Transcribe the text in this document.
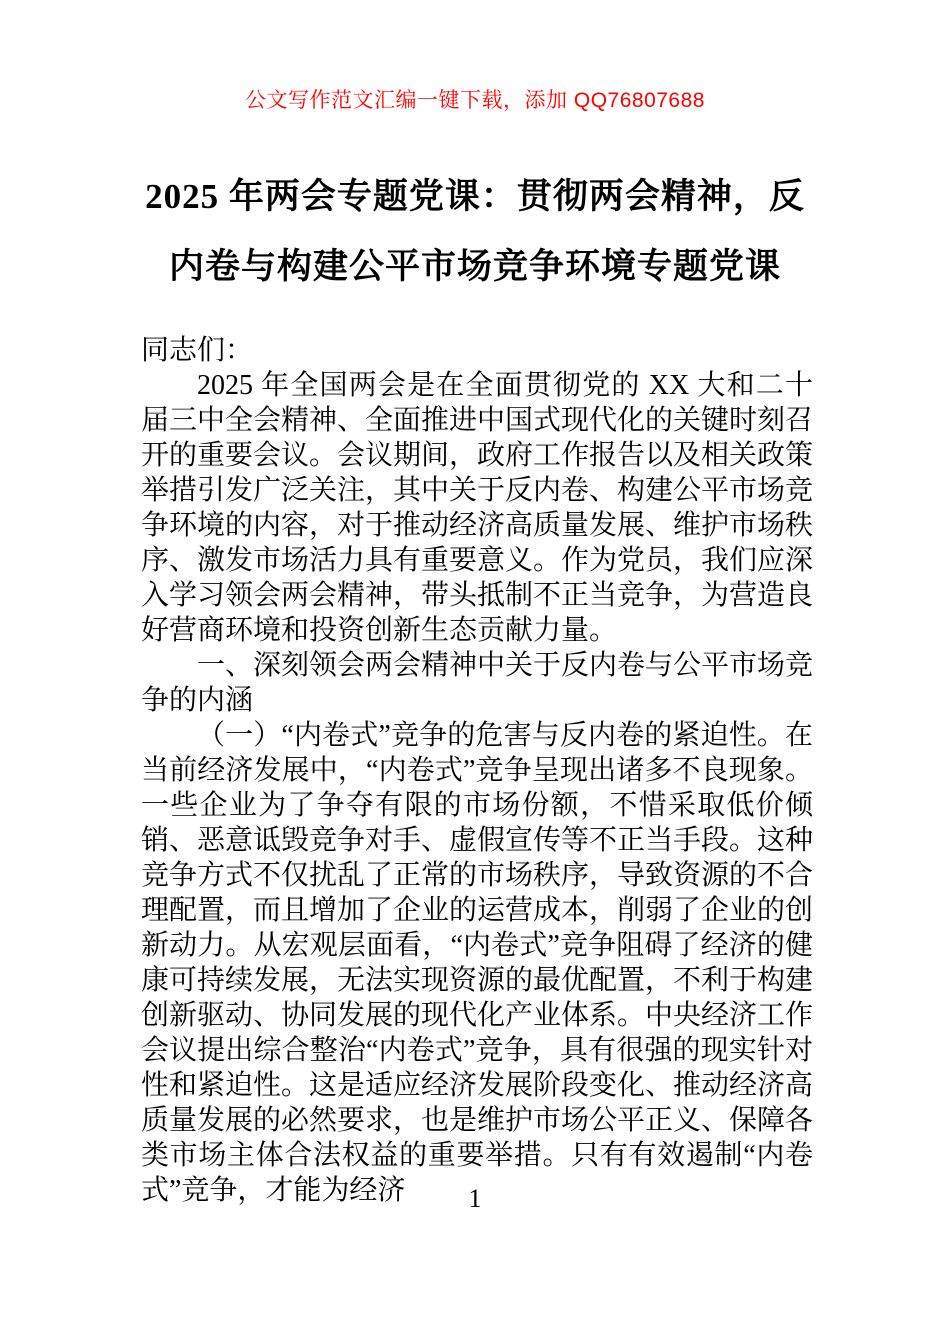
公文写作范文汇编一键下载，添加 QQ76807688
2025 年两会专题党课：贯彻两会精神，反
内卷与构建公平市场竞争环境专题党课

同志们：

2025 年全国两会是在全面贯彻党的 XX 大和二十届三中全会精神、全面推进中国式现代化的关键时刻召开的重要会议。会议期间，政府工作报告以及相关政策举措引发广泛关注，其中关于反内卷、构建公平市场竞争环境的内容，对于推动经济高质量发展、维护市场秩序、激发市场活力具有重要意义。作为党员，我们应深入学习领会两会精神，带头抵制不正当竞争，为营造良好营商环境和投资创新生态贡献力量。

一、深刻领会两会精神中关于反内卷与公平市场竞争的内涵

（一）“内卷式”竞争的危害与反内卷的紧迫性。在当前经济发展中，“内卷式”竞争呈现出诸多不良现象。一些企业为了争夺有限的市场份额，不惜采取低价倾销、恶意诋毁竞争对手、虚假宣传等不正当手段。这种竞争方式不仅扰乱了正常的市场秩序，导致资源的不合理配置，而且增加了企业的运营成本，削弱了企业的创新动力。从宏观层面看，“内卷式”竞争阻碍了经济的健康可持续发展，无法实现资源的最优配置，不利于构建创新驱动、协同发展的现代化产业体系。中央经济工作会议提出综合整治“内卷式”竞争，具有很强的现实针对性和紧迫性。这是适应经济发展阶段变化、推动经济高质量发展的必然要求，也是维护市场公平正义、保障各类市场主体合法权益的重要举措。只有有效遏制“内卷式”竞争，才能为经济	1
